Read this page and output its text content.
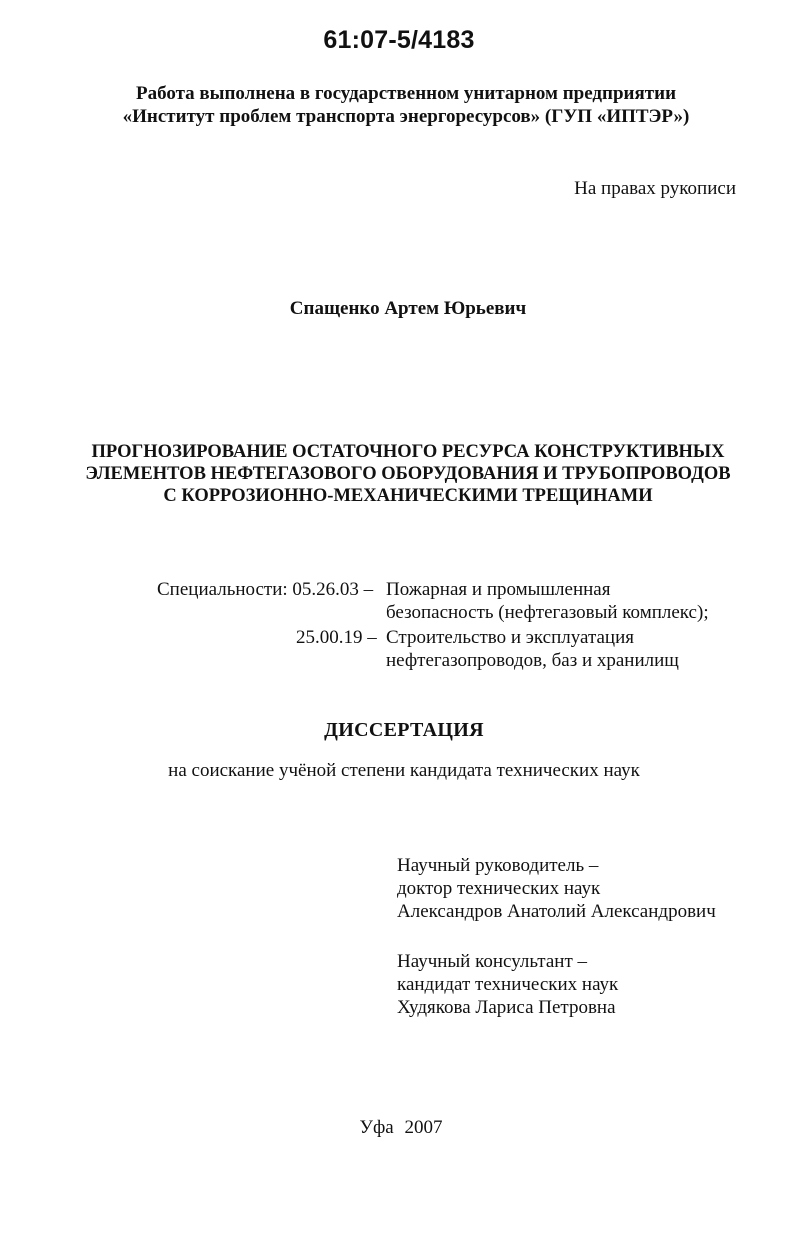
61:07-5/4183
Работа выполнена в государственном унитарном предприятии
«Институт проблем транспорта энергоресурсов» (ГУП «ИПТЭР»)
На правах рукописи
Спащенко Артем Юрьевич
ПРОГНОЗИРОВАНИЕ ОСТАТОЧНОГО РЕСУРСА КОНСТРУКТИВНЫХ
ЭЛЕМЕНТОВ НЕФТЕГАЗОВОГО ОБОРУДОВАНИЯ И ТРУБОПРОВОДОВ
С КОРРОЗИОННО-МЕХАНИЧЕСКИМИ ТРЕЩИНАМИ
Специальности: 05.26.03 – Пожарная и промышленная
безопасность (нефтегазовый комплекс);
25.00.19 – Строительство и эксплуатация
нефтегазопроводов, баз и хранилищ
ДИССЕРТАЦИЯ
на соискание учёной степени кандидата технических наук
Научный руководитель –
доктор технических наук
Александров Анатолий Александрович
Научный консультант –
кандидат технических наук
Худякова Лариса Петровна
Уфа 2007
